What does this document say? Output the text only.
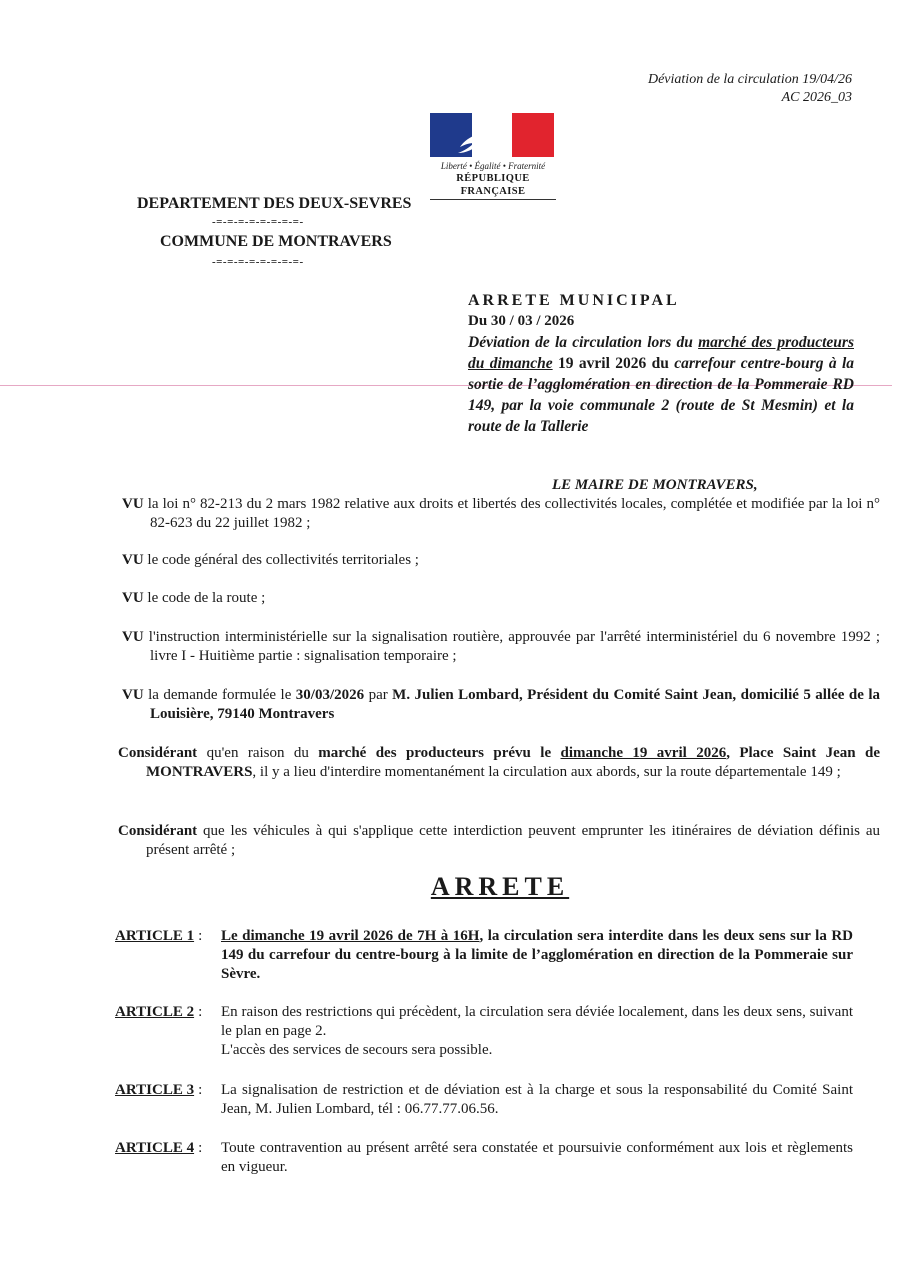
Déviation de la circulation 19/04/26
AC 2026_03
Liberté • Égalité • Fraternité
RÉPUBLIQUE FRANÇAISE
DEPARTEMENT DES DEUX-SEVRES
-=-=-=-=-=-=-=-=-
COMMUNE DE MONTRAVERS
-=-=-=-=-=-=-=-=-
ARRETE MUNICIPAL
Du 30 / 03 / 2026
Déviation de la circulation lors du marché des producteurs du dimanche 19 avril 2026 du carrefour centre-bourg à la sortie de l’agglomération en direction de la Pommeraie RD 149, par la voie communale 2 (route de St Mesmin) et la route de la Tallerie
LE MAIRE DE MONTRAVERS,
VU la loi n° 82-213 du 2 mars 1982 relative aux droits et libertés des collectivités locales, complétée et modifiée par la loi n° 82-623 du 22 juillet 1982 ;
VU le code général des collectivités territoriales ;
VU le code de la route ;
VU l'instruction interministérielle sur la signalisation routière, approuvée par l'arrêté interministériel du 6 novembre 1992 ; livre I - Huitième partie : signalisation temporaire ;
VU la demande formulée le 30/03/2026 par M. Julien Lombard, Président du Comité Saint Jean, domicilié 5 allée de la Louisière, 79140 Montravers
Considérant qu'en raison du marché des producteurs prévu le dimanche 19 avril 2026, Place Saint Jean de MONTRAVERS, il y a lieu d'interdire momentanément la circulation aux abords, sur la route départementale 149 ;
Considérant que les véhicules à qui s'applique cette interdiction peuvent emprunter les itinéraires de déviation définis au présent arrêté ;
ARRETE
ARTICLE 1 :	Le dimanche 19 avril 2026 de 7H à 16H, la circulation sera interdite dans les deux sens sur la RD 149 du carrefour du centre-bourg à la limite de l’agglomération en direction de la Pommeraie sur Sèvre.
ARTICLE 2 :	En raison des restrictions qui précèdent, la circulation sera déviée localement, dans les deux sens, suivant le plan en page 2.
L'accès des services de secours sera possible.
ARTICLE 3 :	La signalisation de restriction et de déviation est à la charge et sous la responsabilité du Comité Saint Jean, M. Julien Lombard, tél : 06.77.77.06.56.
ARTICLE 4 :	Toute contravention au présent arrêté sera constatée et poursuivie conformément aux lois et règlements en vigueur.
